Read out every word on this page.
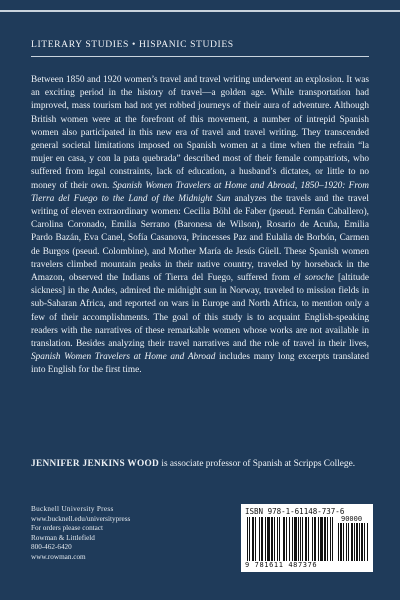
LITERARY STUDIES • HISPANIC STUDIES
Between 1850 and 1920 women’s travel and travel writing underwent an explosion. It was an exciting period in the history of travel—a golden age. While transportation had improved, mass tourism had not yet robbed journeys of their aura of adventure. Although British women were at the forefront of this movement, a number of intrepid Spanish women also participated in this new era of travel and travel writing. They transcended general societal limitations imposed on Spanish women at a time when the refrain “la mujer en casa, y con la pata quebrada” described most of their female compatriots, who suffered from legal constraints, lack of education, a husband’s dictates, or little to no money of their own. Spanish Women Travelers at Home and Abroad, 1850–1920: From Tierra del Fuego to the Land of the Midnight Sun analyzes the travels and the travel writing of eleven extraordinary women: Cecilia Böhl de Faber (pseud. Fernán Caballero), Carolina Coronado, Emilia Serrano (Baronesa de Wilson), Rosario de Acuña, Emilia Pardo Bazán, Eva Canel, Sofía Casanova, Princesses Paz and Eulalia de Borbón, Carmen de Burgos (pseud. Colombine), and Mother María de Jesús Güell. These Spanish women travelers climbed mountain peaks in their native country, traveled by horseback in the Amazon, observed the Indians of Tierra del Fuego, suffered from el soroche [altitude sickness] in the Andes, admired the midnight sun in Norway, traveled to mission fields in sub-Saharan Africa, and reported on wars in Europe and North Africa, to mention only a few of their accomplishments. The goal of this study is to acquaint English-speaking readers with the narratives of these remarkable women whose works are not available in translation. Besides analyzing their travel narratives and the role of travel in their lives, Spanish Women Travelers at Home and Abroad includes many long excerpts translated into English for the first time.
JENNIFER JENKINS WOOD is associate professor of Spanish at Scripps College.
Bucknell University Press
www.bucknell.edu/universitypress
For orders please contact
Rowman & Littlefield
800-462-6420
www.rowman.com
ISBN 978-1-61148-737-6
90000
9 781611 487376
